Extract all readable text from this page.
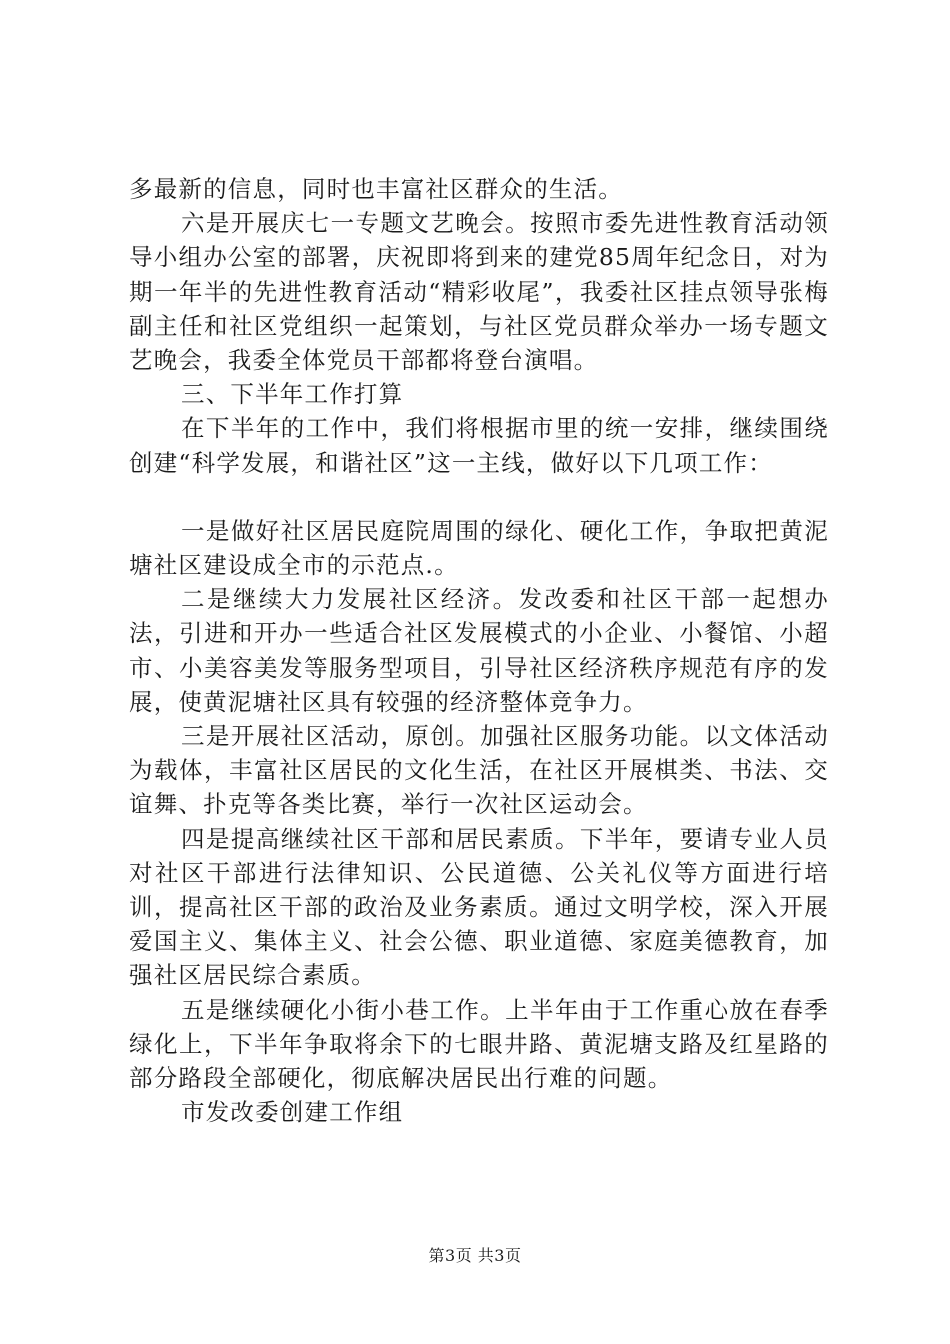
多最新的信息，同时也丰富社区群众的生活。

六是开展庆七一专题文艺晚会。按照市委先进性教育活动领导小组办公室的部署，庆祝即将到来的建党85周年纪念日，对为期一年半的先进性教育活动“精彩收尾”，我委社区挂点领导张梅副主任和社区党组织一起策划，与社区党员群众举办一场专题文艺晚会，我委全体党员干部都将登台演唱。

三、下半年工作打算

在下半年的工作中，我们将根据市里的统一安排，继续围绕创建“科学发展，和谐社区”这一主线，做好以下几项工作：

一是做好社区居民庭院周围的绿化、硬化工作，争取把黄泥塘社区建设成全市的示范点.。

二是继续大力发展社区经济。发改委和社区干部一起想办法，引进和开办一些适合社区发展模式的小企业、小餐馆、小超市、小美容美发等服务型项目，引导社区经济秩序规范有序的发展，使黄泥塘社区具有较强的经济整体竞争力。

三是开展社区活动，原创。加强社区服务功能。以文体活动为载体，丰富社区居民的文化生活，在社区开展棋类、书法、交谊舞、扑克等各类比赛，举行一次社区运动会。

四是提高继续社区干部和居民素质。下半年，要请专业人员对社区干部进行法律知识、公民道德、公关礼仪等方面进行培训，提高社区干部的政治及业务素质。通过文明学校，深入开展爱国主义、集体主义、社会公德、职业道德、家庭美德教育，加强社区居民综合素质。

五是继续硬化小街小巷工作。上半年由于工作重心放在春季绿化上，下半年争取将余下的七眼井路、黄泥塘支路及红星路的部分路段全部硬化，彻底解决居民出行难的问题。

市发改委创建工作组

第3页 共3页
